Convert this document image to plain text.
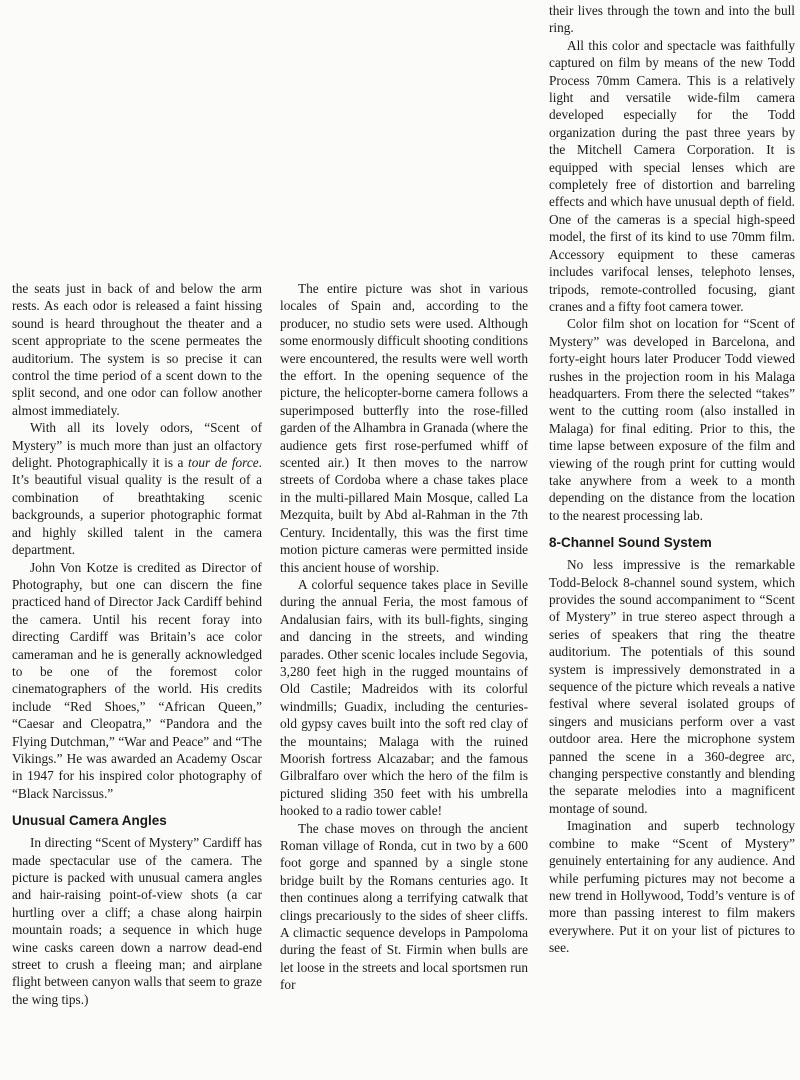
the seats just in back of and below the arm rests. As each odor is released a faint hissing sound is heard throughout the theater and a scent appropriate to the scene permeates the auditorium. The system is so precise it can control the time period of a scent down to the split second, and one odor can follow another almost immediately.

With all its lovely odors, “Scent of Mystery” is much more than just an olfactory delight. Photographically it is a tour de force. It’s beautiful visual quality is the result of a combination of breathtaking scenic backgrounds, a superior photographic format and highly skilled talent in the camera department.

John Von Kotze is credited as Director of Photography, but one can discern the fine practiced hand of Director Jack Cardiff behind the camera. Until his recent foray into directing Cardiff was Britain’s ace color cameraman and he is generally acknowledged to be one of the foremost color cinematographers of the world. His credits include “Red Shoes,” “African Queen,” “Caesar and Cleopatra,” “Pandora and the Flying Dutchman,” “War and Peace” and “The Vikings.” He was awarded an Academy Oscar in 1947 for his inspired color photography of “Black Narcissus.”

Unusual Camera Angles

In directing “Scent of Mystery” Cardiff has made spectacular use of the camera. The picture is packed with unusual camera angles and hair-raising point-of-view shots (a car hurtling over a cliff; a chase along hairpin mountain roads; a sequence in which huge wine casks careen down a narrow dead-end street to crush a fleeing man; and airplane flight between canyon walls that seem to graze the wing tips.)

The entire picture was shot in various locales of Spain and, according to the producer, no studio sets were used. Although some enormously difficult shooting conditions were encountered, the results were well worth the effort. In the opening sequence of the picture, the helicopter-borne camera follows a superimposed butterfly into the rose-filled garden of the Alhambra in Granada (where the audience gets first rose-perfumed whiff of scented air.) It then moves to the narrow streets of Cordoba where a chase takes place in the multi-pillared Main Mosque, called La Mezquita, built by Abd al-Rahman in the 7th Century. Incidentally, this was the first time motion picture cameras were permitted inside this ancient house of worship.

A colorful sequence takes place in Seville during the annual Feria, the most famous of Andalusian fairs, with its bull-fights, singing and dancing in the streets, and winding parades. Other scenic locales include Segovia, 3,280 feet high in the rugged mountains of Old Castile; Madreidos with its colorful windmills; Guadix, including the centuries-old gypsy caves built into the soft red clay of the mountains; Malaga with the ruined Moorish fortress Alcazabar; and the famous Gilbralfaro over which the hero of the film is pictured sliding 350 feet with his umbrella hooked to a radio tower cable!

The chase moves on through the ancient Roman village of Ronda, cut in two by a 600 foot gorge and spanned by a single stone bridge built by the Romans centuries ago. It then continues along a terrifying catwalk that clings precariously to the sides of sheer cliffs. A climactic sequence develops in Pampoloma during the feast of St. Firmin when bulls are let loose in the streets and local sportsmen run for

their lives through the town and into the bull ring.

All this color and spectacle was faithfully captured on film by means of the new Todd Process 70mm Camera. This is a relatively light and versatile wide-film camera developed especially for the Todd organization during the past three years by the Mitchell Camera Corporation. It is equipped with special lenses which are completely free of distortion and barreling effects and which have unusual depth of field. One of the cameras is a special high-speed model, the first of its kind to use 70mm film. Accessory equipment to these cameras includes varifocal lenses, telephoto lenses, tripods, remote-controlled focusing, giant cranes and a fifty foot camera tower.

Color film shot on location for “Scent of Mystery” was developed in Barcelona, and forty-eight hours later Producer Todd viewed rushes in the projection room in his Malaga headquarters. From there the selected “takes” went to the cutting room (also installed in Malaga) for final editing. Prior to this, the time lapse between exposure of the film and viewing of the rough print for cutting would take anywhere from a week to a month depending on the distance from the location to the nearest processing lab.

8-Channel Sound System

No less impressive is the remarkable Todd-Belock 8-channel sound system, which provides the sound accompaniment to “Scent of Mystery” in true stereo aspect through a series of speakers that ring the theatre auditorium. The potentials of this sound system is impressively demonstrated in a sequence of the picture which reveals a native festival where several isolated groups of singers and musicians perform over a vast outdoor area. Here the microphone system panned the scene in a 360-degree arc, changing perspective constantly and blending the separate melodies into a magnificent montage of sound.

Imagination and superb technology combine to make “Scent of Mystery” genuinely entertaining for any audience. And while perfuming pictures may not become a new trend in Hollywood, Todd’s venture is of more than passing interest to film makers everywhere. Put it on your list of pictures to see.
